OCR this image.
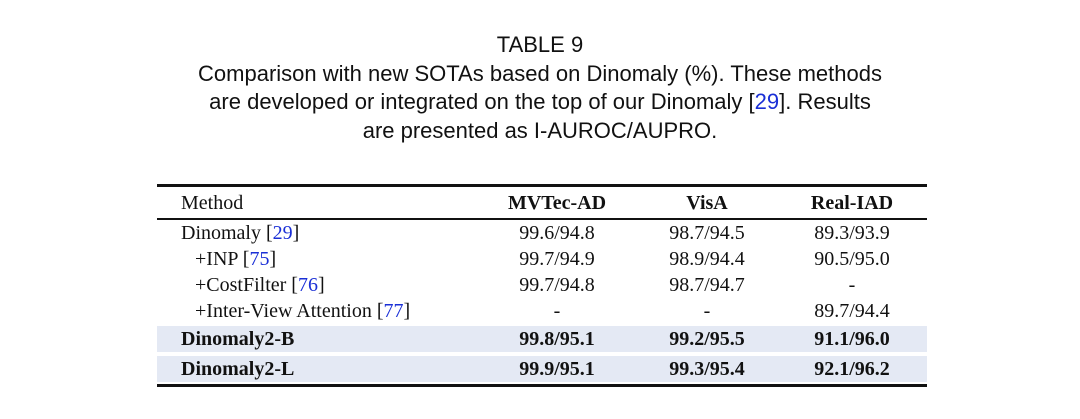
TABLE 9
Comparison with new SOTAs based on Dinomaly (%). These methods
are developed or integrated on the top of our Dinomaly [29]. Results
are presented as I-AUROC/AUPRO.
Method	MVTec-AD	VisA	Real-IAD
Dinomaly [29]	99.6/94.8	98.7/94.5	89.3/93.9
+INP [75]	99.7/94.9	98.9/94.4	90.5/95.0
+CostFilter [76]	99.7/94.8	98.7/94.7	-
+Inter-View Attention [77]	-	-	89.7/94.4
Dinomaly2-B	99.8/95.1	99.2/95.5	91.1/96.0
Dinomaly2-L	99.9/95.1	99.3/95.4	92.1/96.2
